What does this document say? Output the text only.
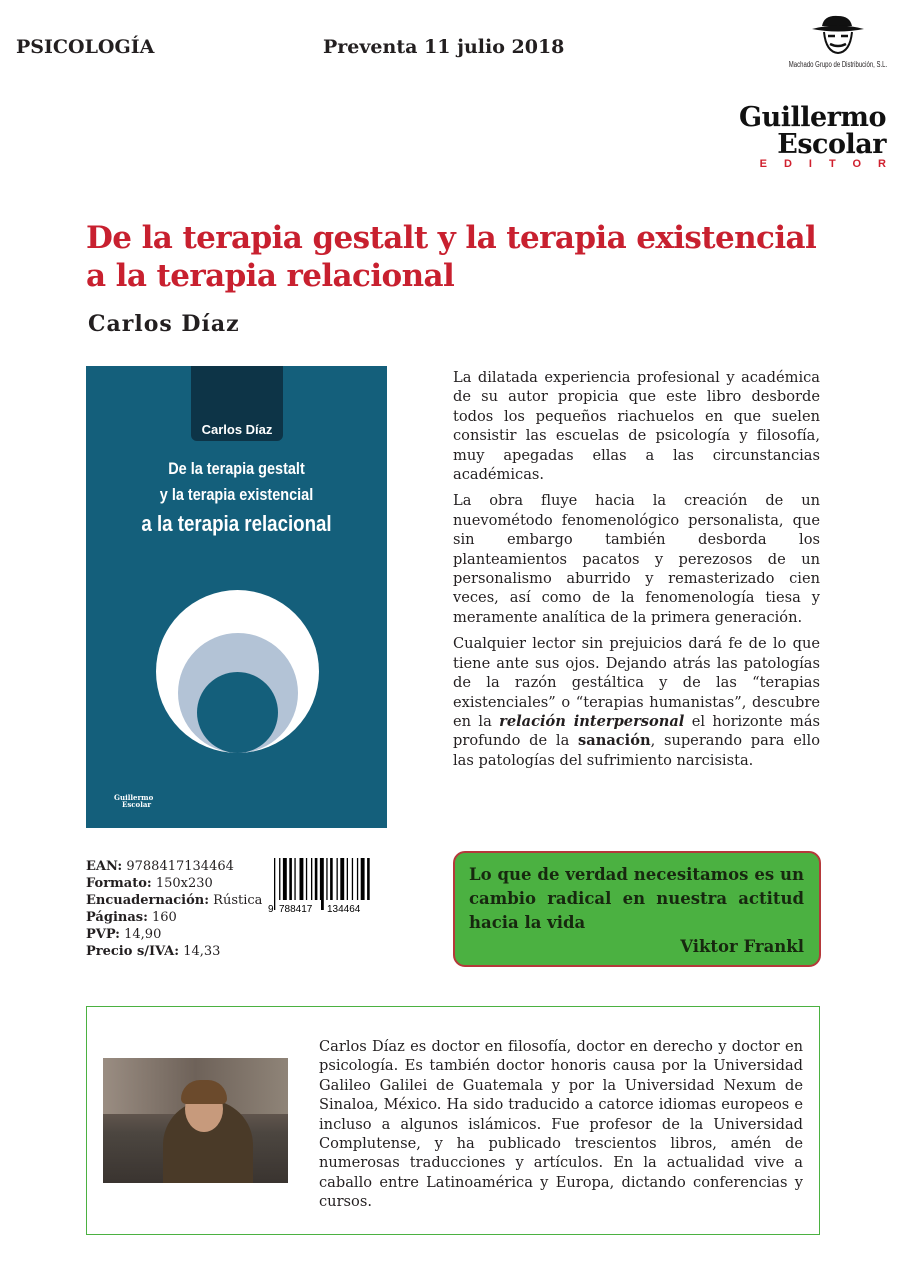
PSICOLOGÍA	Preventa 11 julio 2018
Machado Grupo de Distribución, S.L.
Guillermo
Escolar
EDITOR
De la terapia gestalt y la terapia existencial
a la terapia relacional
Carlos Díaz
Carlos Díaz
De la terapia gestalt
y la terapia existencial
a la terapia relacional
Guillermo
Escolar

La dilatada experiencia profesional y académica de su autor propicia que este libro desborde todos los pequeños riachuelos en que suelen consistir las escuelas de psicología y filosofía, muy apegadas ellas a las circunstancias académicas.

La obra fluye hacia la creación de un nuevométodo fenomenológico personalista, que sin embargo también desborda los planteamientos pacatos y perezosos de un personalismo aburrido y remasterizado cien veces, así como de la fenomenología tiesa y meramente analítica de la primera generación.

Cualquier lector sin prejuicios dará fe de lo que tiene ante sus ojos. Dejando atrás las patologías de la razón gestáltica y de las “terapias existenciales” o “terapias humanistas”, descubre en la relación interpersonal el horizonte más profundo de la sanación, superando para ello las patologías del sufrimiento narcisista.

EAN: 9788417134464
Formato: 150x230
Encuadernación: Rústica
Páginas: 160
PVP: 14,90
Precio s/IVA: 14,33
9 788417 134464
Lo que de verdad necesitamos es un cambio radical en nuestra actitud hacia la vida
Viktor Frankl
Carlos Díaz es doctor en filosofía, doctor en derecho y doctor en psicología. Es también doctor honoris causa por la Universidad Galileo Galilei de Guatemala y por la Universidad Nexum de Sinaloa, México. Ha sido traducido a catorce idiomas europeos e incluso a algunos islámicos. Fue profesor de la Universidad Complutense, y ha publicado trescientos libros, amén de numerosas traducciones y artículos. En la actualidad vive a caballo entre Latinoamérica y Europa, dictando conferencias y cursos.
